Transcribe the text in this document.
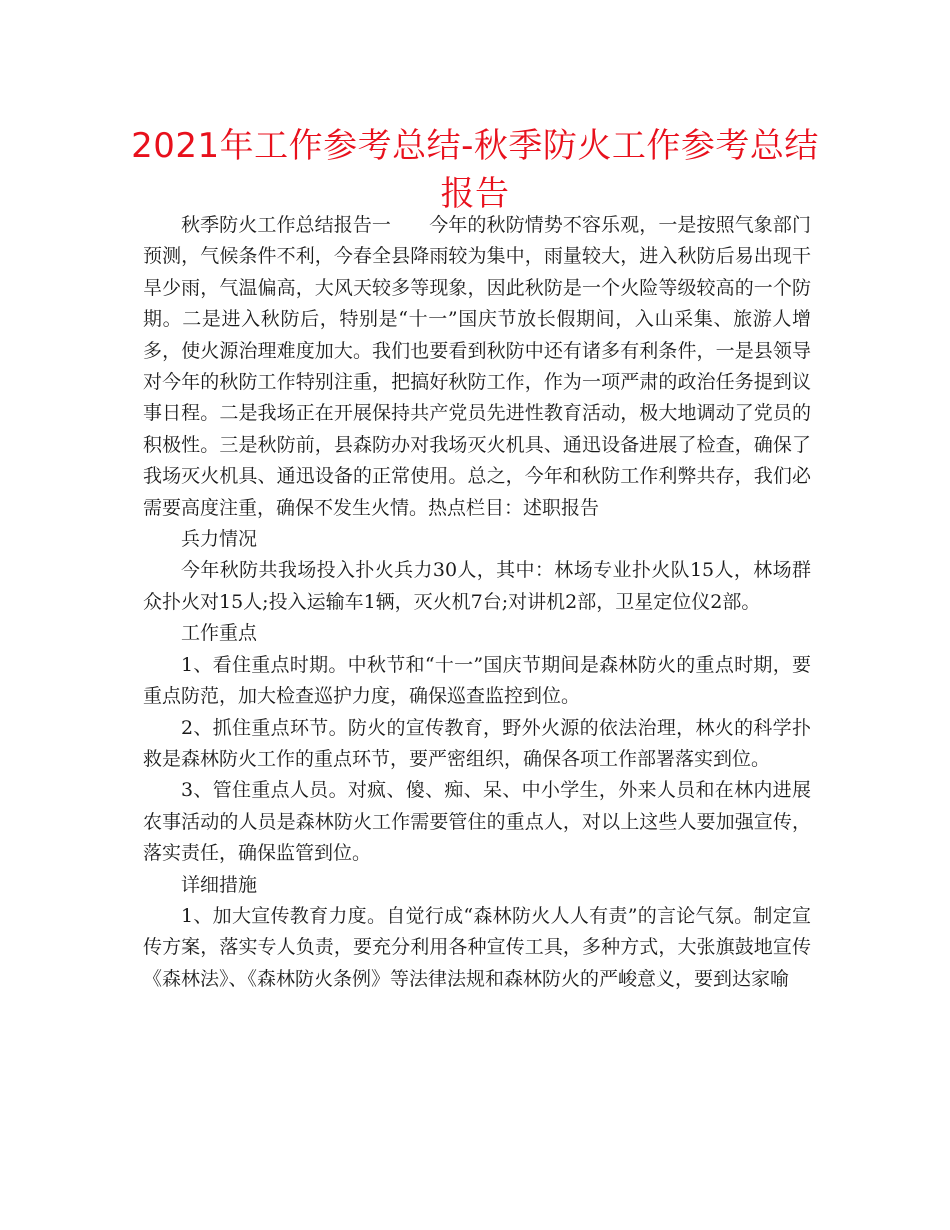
2021年工作参考总结-秋季防火工作参考总结报告

秋季防火工作总结报告一　　今年的秋防情势不容乐观，一是按照气象部门预测，气候条件不利，今春全县降雨较为集中，雨量较大，进入秋防后易出现干旱少雨，气温偏高，大风天较多等现象，因此秋防是一个火险等级较高的一个防期。二是进入秋防后，特别是“十一”国庆节放长假期间，入山采集、旅游人增多，使火源治理难度加大。我们也要看到秋防中还有诸多有利条件，一是县领导对今年的秋防工作特别注重，把搞好秋防工作，作为一项严肃的政治任务提到议事日程。二是我场正在开展保持共产党员先进性教育活动，极大地调动了党员的积极性。三是秋防前，县森防办对我场灭火机具、通迅设备进展了检查，确保了我场灭火机具、通迅设备的正常使用。总之，今年和秋防工作利弊共存，我们必需要高度注重，确保不发生火情。热点栏目：述职报告

兵力情况

今年秋防共我场投入扑火兵力30人，其中：林场专业扑火队15人，林场群众扑火对15人;投入运输车1辆，灭火机7台;对讲机2部，卫星定位仪2部。

工作重点

1、看住重点时期。中秋节和“十一”国庆节期间是森林防火的重点时期，要重点防范，加大检查巡护力度，确保巡查监控到位。

2、抓住重点环节。防火的宣传教育，野外火源的依法治理，林火的科学扑救是森林防火工作的重点环节，要严密组织，确保各项工作部署落实到位。

3、管住重点人员。对疯、傻、痴、呆、中小学生，外来人员和在林内进展农事活动的人员是森林防火工作需要管住的重点人，对以上这些人要加强宣传，落实责任，确保监管到位。

详细措施

1、加大宣传教育力度。自觉行成“森林防火人人有责”的言论气氛。制定宣传方案，落实专人负责，要充分利用各种宣传工具，多种方式，大张旗鼓地宣传《森林法》、《森林防火条例》等法律法规和森林防火的严峻意义，要到达家喻
